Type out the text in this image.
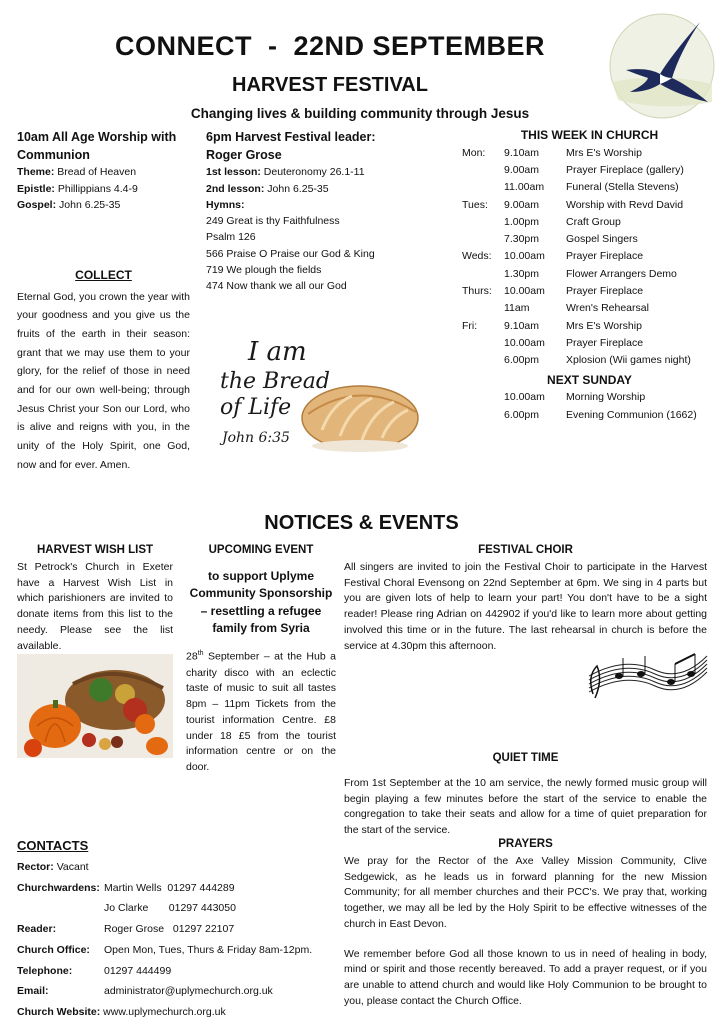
CONNECT  -  22ND SEPTEMBER
HARVEST FESTIVAL
Changing lives & building community through Jesus
10am All Age Worship with Communion
Theme: Bread of Heaven
Epistle: Phillippians 4.4-9
Gospel: John 6.25-35
COLLECT
Eternal God, you crown the year with your goodness and you give us the fruits of the earth in their season: grant that we may use them to your glory, for the relief of those in need and for our own well-being; through Jesus Christ your Son our Lord, who is alive and reigns with you, in the unity of the Holy Spirit, one God, now and for ever. Amen.
6pm Harvest Festival leader: Roger Grose
1st lesson: Deuteronomy 26.1-11
2nd lesson: John 6.25-35
Hymns:
249 Great is thy Faithfulness
Psalm 126
566 Praise O Praise our God & King
719 We plough the fields
474 Now thank we all our God
I am
the Bread
of Life
John 6:35
THIS WEEK IN CHURCH
Mon:	9.10am	Mrs E's Worship
9.00am	Prayer Fireplace (gallery)
11.00am	Funeral (Stella Stevens)
Tues:	9.00am	Worship with Revd David
1.00pm	Craft Group
7.30pm	Gospel Singers
Weds:	10.00am	Prayer Fireplace
1.30pm	Flower Arrangers Demo
Thurs:	10.00am	Prayer Fireplace
11am	Wren's Rehearsal
Fri:	9.10am	Mrs E's Worship
10.00am	Prayer Fireplace
6.00pm	Xplosion (Wii games night)
NEXT SUNDAY
10.00am	Morning Worship
6.00pm	Evening Communion (1662)
NOTICES & EVENTS
HARVEST WISH LIST
St Petrock's Church in Exeter have a Harvest Wish List in which parishioners are invited to donate items from this list to the needy. Please see the list available.
UPCOMING EVENT
to support Uplyme Community Sponsorship – resettling a refugee family from Syria
28th September – at the Hub a charity disco with an eclectic taste of music to suit all tastes 8pm – 11pm Tickets from the tourist information Centre. £8 under 18 £5 from the tourist information centre or on the door.
FESTIVAL CHOIR
All singers are invited to join the Festival Choir to participate in the Harvest Festival Choral Evensong on 22nd September at 6pm. We sing in 4 parts but you are given lots of help to learn your part! You don't have to be a sight reader! Please ring Adrian on 442902 if you'd like to learn more about getting involved this time or in the future. The last rehearsal in church is before the service at 4.30pm this afternoon.
QUIET TIME
From 1st September at the 10 am service, the newly formed music group will begin playing a few minutes before the start of the service to enable the congregation to take their seats and allow for a time of quiet preparation for the start of the service.
PRAYERS
We pray for the Rector of the Axe Valley Mission Community, Clive Sedgewick, as he leads us in forward planning for the new Mission Community; for all member churches and their PCC's. We pray that, working together, we may all be led by the Holy Spirit to be effective witnesses of the church in East Devon.
We remember before God all those known to us in need of healing in body, mind or spirit and those recently bereaved. To add a prayer request, or if you are unable to attend church and would like Holy Communion to be brought to you, please contact the Church Office.
CONTACTS
Rector: Vacant
Churchwardens: Martin Wells  01297 444289
Jo Clarke       01297 443050
Reader:	Roger Grose   01297 22107
Church Office:	Open Mon, Tues, Thurs & Friday 8am-12pm.
Telephone:	01297 444499
Email:	administrator@uplymechurch.org.uk
Church Website: www.uplymechurch.org.uk
